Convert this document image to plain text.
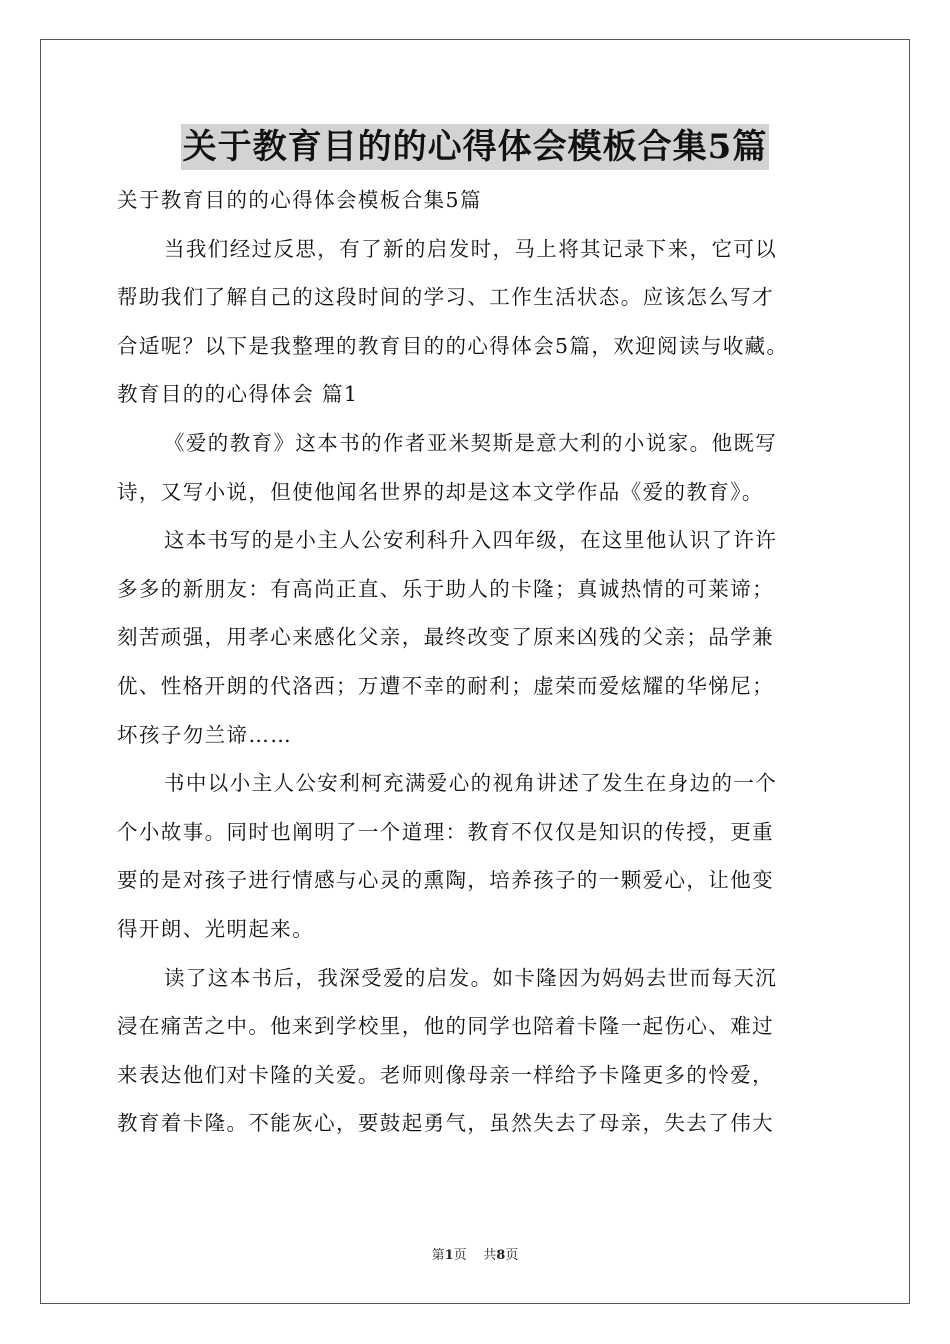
关于教育目的的心得体会模板合集5篇
关于教育目的的心得体会模板合集5篇
当我们经过反思，有了新的启发时，马上将其记录下来，它可以
帮助我们了解自己的这段时间的学习、工作生活状态。应该怎么写才
合适呢？以下是我整理的教育目的的心得体会5篇，欢迎阅读与收藏。
教育目的的心得体会 篇1
《爱的教育》这本书的作者亚米契斯是意大利的小说家。他既写
诗，又写小说，但使他闻名世界的却是这本文学作品《爱的教育》。
这本书写的是小主人公安利科升入四年级，在这里他认识了许许
多多的新朋友：有高尚正直、乐于助人的卡隆；真诚热情的可莱谛；
刻苦顽强，用孝心来感化父亲，最终改变了原来凶残的父亲；品学兼
优、性格开朗的代洛西；万遭不幸的耐利；虚荣而爱炫耀的华悌尼；
坏孩子勿兰谛……
书中以小主人公安利柯充满爱心的视角讲述了发生在身边的一个
个小故事。同时也阐明了一个道理：教育不仅仅是知识的传授，更重
要的是对孩子进行情感与心灵的熏陶，培养孩子的一颗爱心，让他变
得开朗、光明起来。
读了这本书后，我深受爱的启发。如卡隆因为妈妈去世而每天沉
浸在痛苦之中。他来到学校里，他的同学也陪着卡隆一起伤心、难过
来表达他们对卡隆的关爱。老师则像母亲一样给予卡隆更多的怜爱，
教育着卡隆。不能灰心，要鼓起勇气，虽然失去了母亲，失去了伟大
第1页 共8页
